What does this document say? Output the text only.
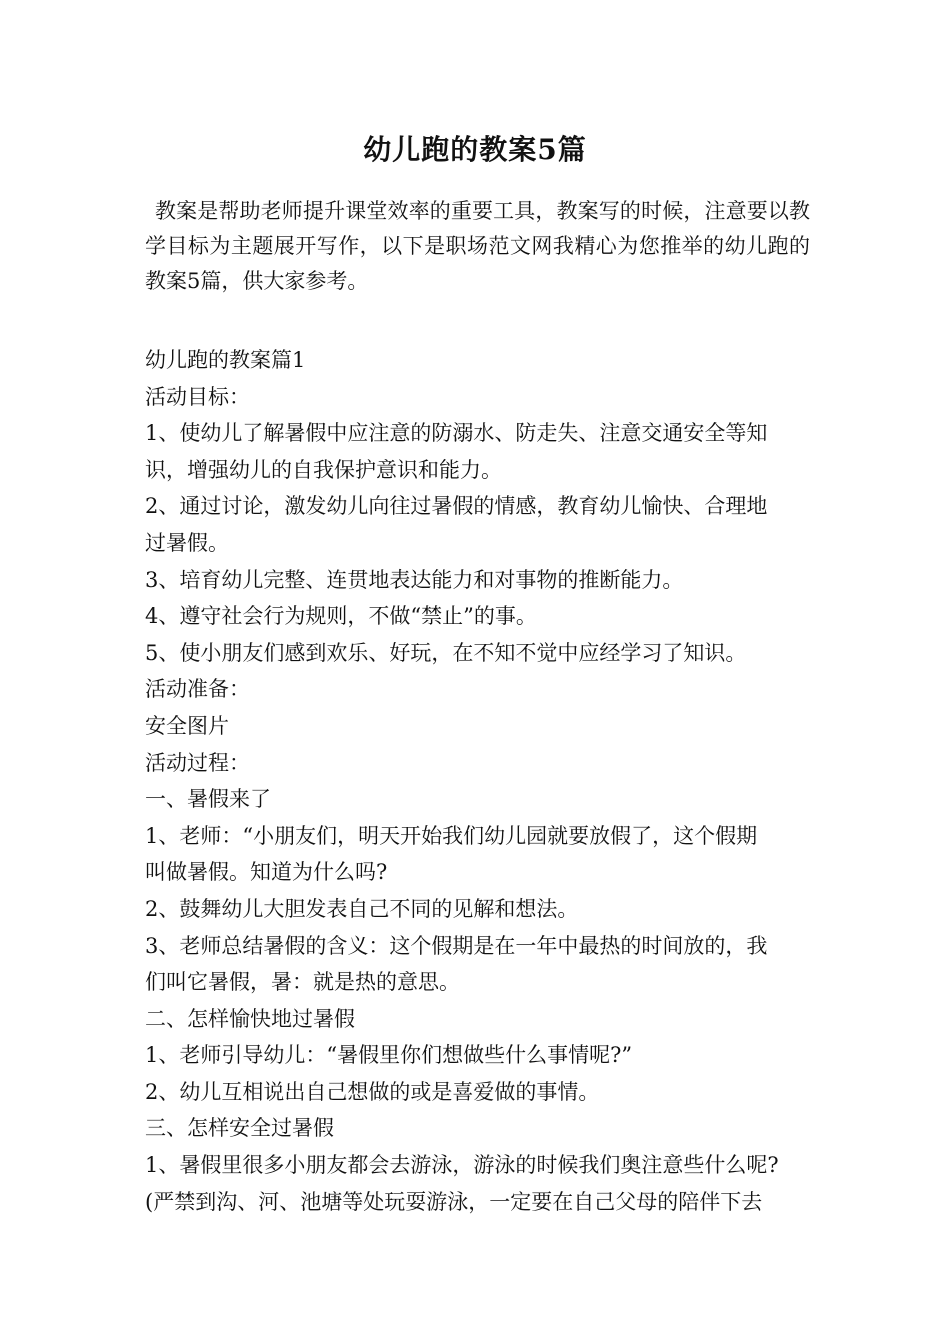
幼儿跑的教案5篇
教案是帮助老师提升课堂效率的重要工具，教案写的时候，注意要以教学目标为主题展开写作，以下是职场范文网我精心为您推举的幼儿跑的教案5篇，供大家参考。
幼儿跑的教案篇1
活动目标：
1、使幼儿了解暑假中应注意的防溺水、防走失、注意交通安全等知
识，增强幼儿的自我保护意识和能力。
2、通过讨论，激发幼儿向往过暑假的情感，教育幼儿愉快、合理地
过暑假。
3、培育幼儿完整、连贯地表达能力和对事物的推断能力。
4、遵守社会行为规则，不做“禁止”的事。
5、使小朋友们感到欢乐、好玩，在不知不觉中应经学习了知识。
活动准备：
安全图片
活动过程：
一、暑假来了
1、老师：“小朋友们，明天开始我们幼儿园就要放假了，这个假期
叫做暑假。知道为什么吗?
2、鼓舞幼儿大胆发表自己不同的见解和想法。
3、老师总结暑假的含义：这个假期是在一年中最热的时间放的，我
们叫它暑假，暑：就是热的意思。
二、怎样愉快地过暑假
1、老师引导幼儿：“暑假里你们想做些什么事情呢?”
2、幼儿互相说出自己想做的或是喜爱做的事情。
三、怎样安全过暑假
1、暑假里很多小朋友都会去游泳，游泳的时候我们奥注意些什么呢?
(严禁到沟、河、池塘等处玩耍游泳，一定要在自己父母的陪伴下去
